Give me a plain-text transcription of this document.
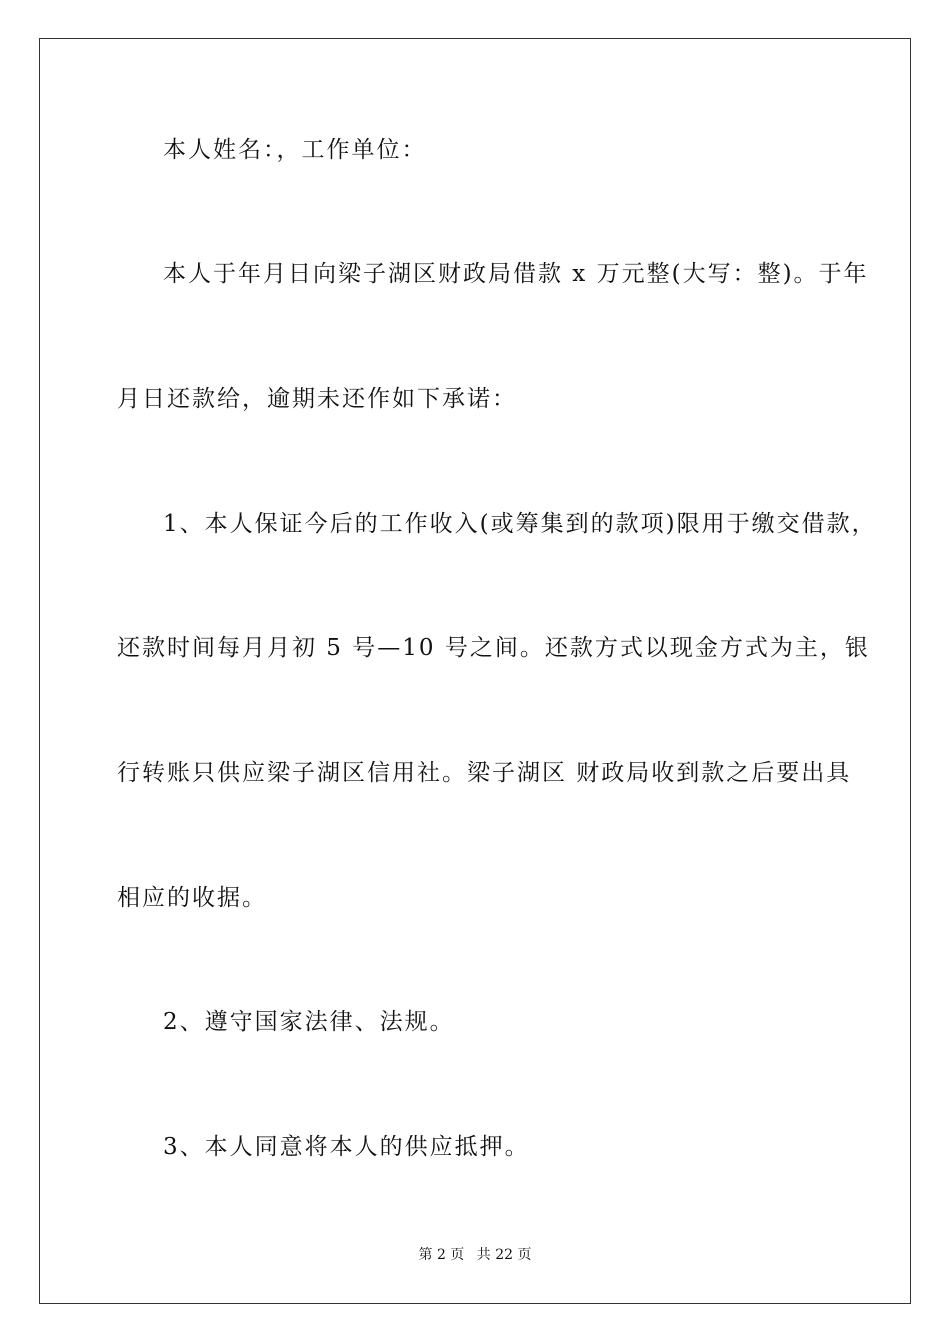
本人姓名：，工作单位：
本人于年月日向梁子湖区财政局借款 x 万元整(大写：整)。于年
月日还款给，逾期未还作如下承诺：
1、本人保证今后的工作收入(或筹集到的款项)限用于缴交借款，
还款时间每月月初 5 号—10 号之间。还款方式以现金方式为主，银
行转账只供应梁子湖区信用社。梁子湖区 财政局收到款之后要出具
相应的收据。
2、遵守国家法律、法规。
3、本人同意将本人的供应抵押。
第 2 页 共 22 页
